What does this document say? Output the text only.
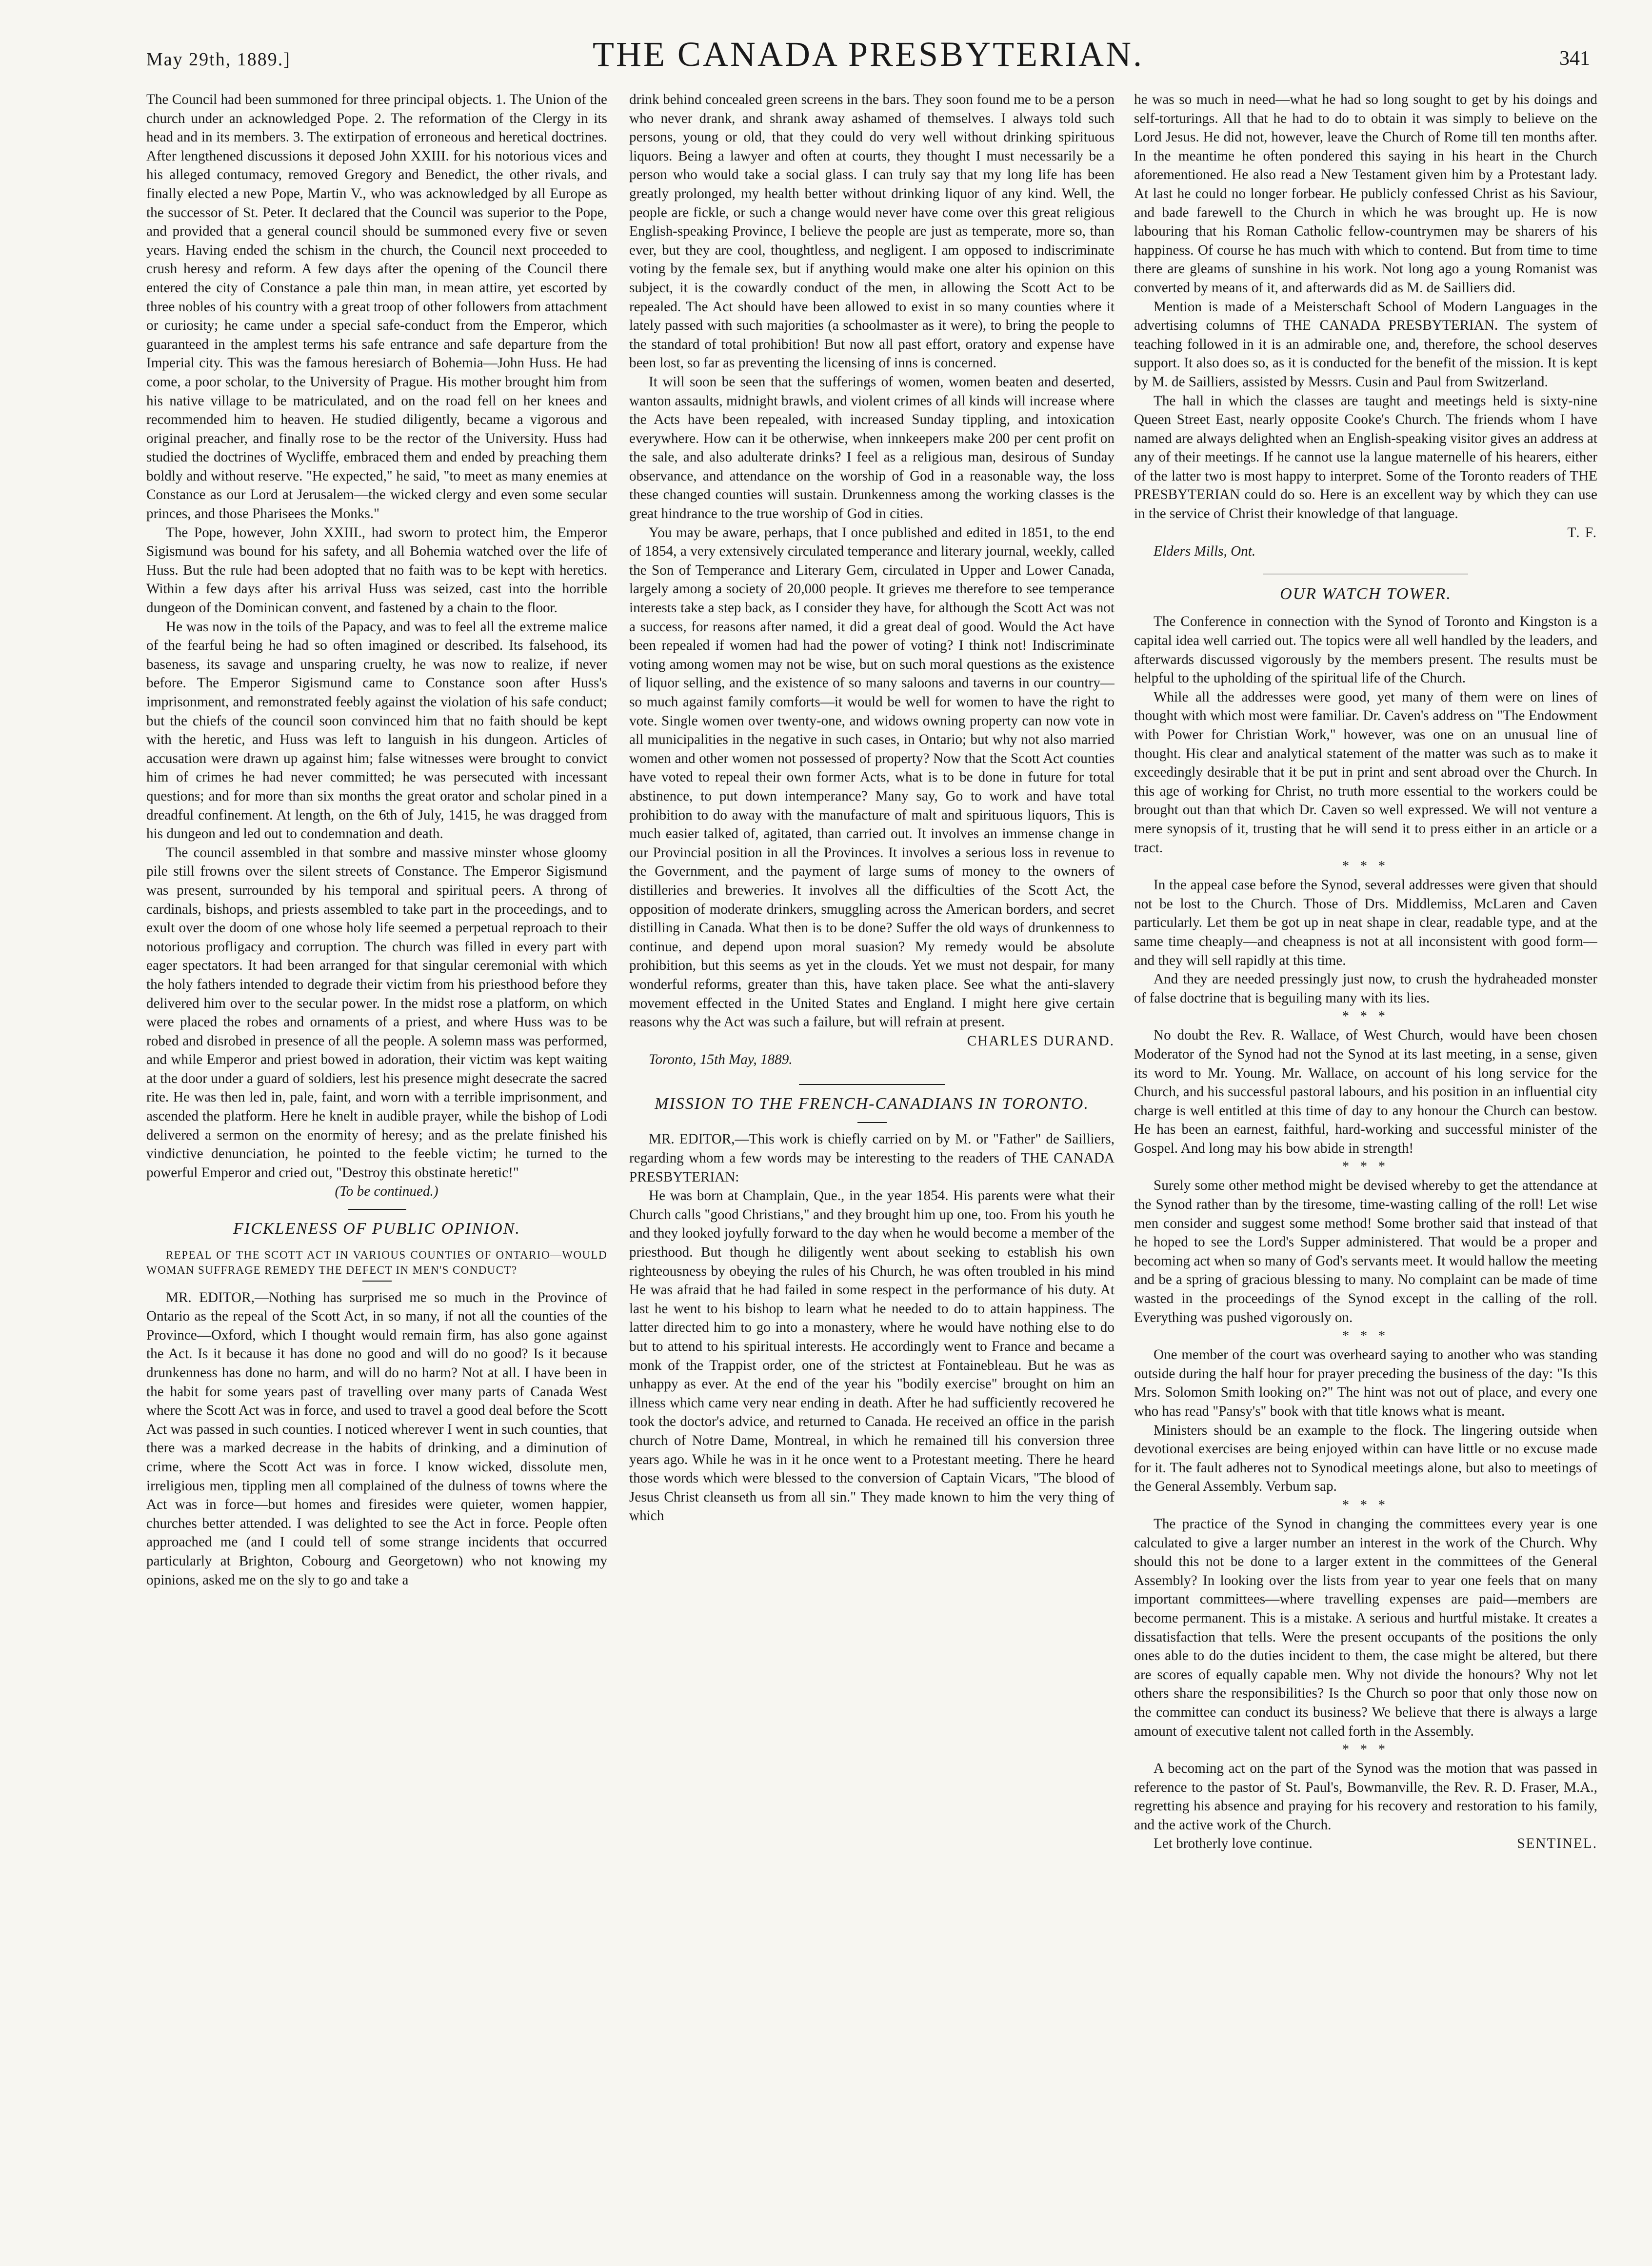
May 29th, 1889.]	THE CANADA PRESBYTERIAN.	341

The Council had been summoned for three principal objects. 1. The Union of the church under an acknowledged Pope. 2. The reformation of the Clergy in its head and in its members. 3. The extirpation of erroneous and heretical doctrines. After lengthened discussions it deposed John XXIII. for his notorious vices and his alleged contumacy, removed Gregory and Benedict, the other rivals, and finally elected a new Pope, Martin V., who was acknowledged by all Europe as the successor of St. Peter. It declared that the Council was superior to the Pope, and provided that a general council should be summoned every five or seven years. Having ended the schism in the church, the Council next proceeded to crush heresy and reform. A few days after the opening of the Council there entered the city of Constance a pale thin man, in mean attire, yet escorted by three nobles of his country with a great troop of other followers from attachment or curiosity; he came under a special safe-conduct from the Emperor, which guaranteed in the amplest terms his safe entrance and safe departure from the Imperial city. This was the famous heresiarch of Bohemia—John Huss. He had come, a poor scholar, to the University of Prague. His mother brought him from his native village to be matriculated, and on the road fell on her knees and recommended him to heaven. He studied diligently, became a vigorous and original preacher, and finally rose to be the rector of the University. Huss had studied the doctrines of Wycliffe, embraced them and ended by preaching them boldly and without reserve. "He expected," he said, "to meet as many enemies at Constance as our Lord at Jerusalem—the wicked clergy and even some secular princes, and those Pharisees the Monks."

The Pope, however, John XXIII., had sworn to protect him, the Emperor Sigismund was bound for his safety, and all Bohemia watched over the life of Huss. But the rule had been adopted that no faith was to be kept with heretics. Within a few days after his arrival Huss was seized, cast into the horrible dungeon of the Dominican convent, and fastened by a chain to the floor.

He was now in the toils of the Papacy, and was to feel all the extreme malice of the fearful being he had so often imagined or described. Its falsehood, its baseness, its savage and unsparing cruelty, he was now to realize, if never before. The Emperor Sigismund came to Constance soon after Huss's imprisonment, and remonstrated feebly against the violation of his safe conduct; but the chiefs of the council soon convinced him that no faith should be kept with the heretic, and Huss was left to languish in his dungeon. Articles of accusation were drawn up against him; false witnesses were brought to convict him of crimes he had never committed; he was persecuted with incessant questions; and for more than six months the great orator and scholar pined in a dreadful confinement. At length, on the 6th of July, 1415, he was dragged from his dungeon and led out to condemnation and death.

The council assembled in that sombre and massive minster whose gloomy pile still frowns over the silent streets of Constance. The Emperor Sigismund was present, surrounded by his temporal and spiritual peers. A throng of cardinals, bishops, and priests assembled to take part in the proceedings, and to exult over the doom of one whose holy life seemed a perpetual reproach to their notorious profligacy and corruption. The church was filled in every part with eager spectators. It had been arranged for that singular ceremonial with which the holy fathers intended to degrade their victim from his priesthood before they delivered him over to the secular power. In the midst rose a platform, on which were placed the robes and ornaments of a priest, and where Huss was to be robed and disrobed in presence of all the people. A solemn mass was performed, and while Emperor and priest bowed in adoration, their victim was kept waiting at the door under a guard of soldiers, lest his presence might desecrate the sacred rite. He was then led in, pale, faint, and worn with a terrible imprisonment, and ascended the platform. Here he knelt in audible prayer, while the bishop of Lodi delivered a sermon on the enormity of heresy; and as the prelate finished his vindictive denunciation, he pointed to the feeble victim; he turned to the powerful Emperor and cried out, "Destroy this obstinate heretic!"

(To be continued.)

FICKLENESS OF PUBLIC OPINION.

REPEAL OF THE SCOTT ACT IN VARIOUS COUNTIES OF ONTARIO—WOULD WOMAN SUFFRAGE REMEDY THE DEFECT IN MEN'S CONDUCT?

MR. EDITOR,—Nothing has surprised me so much in the Province of Ontario as the repeal of the Scott Act, in so many, if not all the counties of the Province—Oxford, which I thought would remain firm, has also gone against the Act. Is it because it has done no good and will do no good? Is it because drunkenness has done no harm, and will do no harm? Not at all. I have been in the habit for some years past of travelling over many parts of Canada West where the Scott Act was in force, and used to travel a good deal before the Scott Act was passed in such counties. I noticed wherever I went in such counties, that there was a marked decrease in the habits of drinking, and a diminution of crime, where the Scott Act was in force. I know wicked, dissolute men, irreligious men, tippling men all complained of the dulness of towns where the Act was in force—but homes and firesides were quieter, women happier, churches better attended. I was delighted to see the Act in force. People often approached me (and I could tell of some strange incidents that occurred particularly at Brighton, Cobourg and Georgetown) who not knowing my opinions, asked me on the sly to go and take a

drink behind concealed green screens in the bars. They soon found me to be a person who never drank, and shrank away ashamed of themselves. I always told such persons, young or old, that they could do very well without drinking spirituous liquors. Being a lawyer and often at courts, they thought I must necessarily be a person who would take a social glass. I can truly say that my long life has been greatly prolonged, my health better without drinking liquor of any kind. Well, the people are fickle, or such a change would never have come over this great religious English-speaking Province, I believe the people are just as temperate, more so, than ever, but they are cool, thoughtless, and negligent. I am opposed to indiscriminate voting by the female sex, but if anything would make one alter his opinion on this subject, it is the cowardly conduct of the men, in allowing the Scott Act to be repealed. The Act should have been allowed to exist in so many counties where it lately passed with such majorities (a schoolmaster as it were), to bring the people to the standard of total prohibition! But now all past effort, oratory and expense have been lost, so far as preventing the licensing of inns is concerned.

It will soon be seen that the sufferings of women, women beaten and deserted, wanton assaults, midnight brawls, and violent crimes of all kinds will increase where the Acts have been repealed, with increased Sunday tippling, and intoxication everywhere. How can it be otherwise, when innkeepers make 200 per cent profit on the sale, and also adulterate drinks? I feel as a religious man, desirous of Sunday observance, and attendance on the worship of God in a reasonable way, the loss these changed counties will sustain. Drunkenness among the working classes is the great hindrance to the true worship of God in cities.

You may be aware, perhaps, that I once published and edited in 1851, to the end of 1854, a very extensively circulated temperance and literary journal, weekly, called the Son of Temperance and Literary Gem, circulated in Upper and Lower Canada, largely among a society of 20,000 people. It grieves me therefore to see temperance interests take a step back, as I consider they have, for although the Scott Act was not a success, for reasons after named, it did a great deal of good. Would the Act have been repealed if women had had the power of voting? I think not! Indiscriminate voting among women may not be wise, but on such moral questions as the existence of liquor selling, and the existence of so many saloons and taverns in our country—so much against family comforts—it would be well for women to have the right to vote. Single women over twenty-one, and widows owning property can now vote in all municipalities in the negative in such cases, in Ontario; but why not also married women and other women not possessed of property? Now that the Scott Act counties have voted to repeal their own former Acts, what is to be done in future for total abstinence, to put down intemperance? Many say, Go to work and have total prohibition to do away with the manufacture of malt and spirituous liquors, This is much easier talked of, agitated, than carried out. It involves an immense change in our Provincial position in all the Provinces. It involves a serious loss in revenue to the Government, and the payment of large sums of money to the owners of distilleries and breweries. It involves all the difficulties of the Scott Act, the opposition of moderate drinkers, smuggling across the American borders, and secret distilling in Canada. What then is to be done? Suffer the old ways of drunkenness to continue, and depend upon moral suasion? My remedy would be absolute prohibition, but this seems as yet in the clouds. Yet we must not despair, for many wonderful reforms, greater than this, have taken place. See what the anti-slavery movement effected in the United States and England. I might here give certain reasons why the Act was such a failure, but will refrain at present.

CHARLES DURAND.

Toronto, 15th May, 1889.

MISSION TO THE FRENCH-CANADIANS IN TORONTO.

MR. EDITOR,—This work is chiefly carried on by M. or "Father" de Sailliers, regarding whom a few words may be interesting to the readers of THE CANADA PRESBYTERIAN:

He was born at Champlain, Que., in the year 1854. His parents were what their Church calls "good Christians," and they brought him up one, too. From his youth he and they looked joyfully forward to the day when he would become a member of the priesthood. But though he diligently went about seeking to establish his own righteousness by obeying the rules of his Church, he was often troubled in his mind He was afraid that he had failed in some respect in the performance of his duty. At last he went to his bishop to learn what he needed to do to attain happiness. The latter directed him to go into a monastery, where he would have nothing else to do but to attend to his spiritual interests. He accordingly went to France and became a monk of the Trappist order, one of the strictest at Fontainebleau. But he was as unhappy as ever. At the end of the year his "bodily exercise" brought on him an illness which came very near ending in death. After he had sufficiently recovered he took the doctor's advice, and returned to Canada. He received an office in the parish church of Notre Dame, Montreal, in which he remained till his conversion three years ago. While he was in it he once went to a Protestant meeting. There he heard those words which were blessed to the conversion of Captain Vicars, "The blood of Jesus Christ cleanseth us from all sin." They made known to him the very thing of which

he was so much in need—what he had so long sought to get by his doings and self-torturings. All that he had to do to obtain it was simply to believe on the Lord Jesus. He did not, however, leave the Church of Rome till ten months after. In the meantime he often pondered this saying in his heart in the Church aforementioned. He also read a New Testament given him by a Protestant lady. At last he could no longer forbear. He publicly confessed Christ as his Saviour, and bade farewell to the Church in which he was brought up. He is now labouring that his Roman Catholic fellow-countrymen may be sharers of his happiness. Of course he has much with which to contend. But from time to time there are gleams of sunshine in his work. Not long ago a young Romanist was converted by means of it, and afterwards did as M. de Sailliers did.

Mention is made of a Meisterschaft School of Modern Languages in the advertising columns of THE CANADA PRESBYTERIAN. The system of teaching followed in it is an admirable one, and, therefore, the school deserves support. It also does so, as it is conducted for the benefit of the mission. It is kept by M. de Sailliers, assisted by Messrs. Cusin and Paul from Switzerland.

The hall in which the classes are taught and meetings held is sixty-nine Queen Street East, nearly opposite Cooke's Church. The friends whom I have named are always delighted when an English-speaking visitor gives an address at any of their meetings. If he cannot use la langue maternelle of his hearers, either of the latter two is most happy to interpret. Some of the Toronto readers of THE PRESBYTERIAN could do so. Here is an excellent way by which they can use in the service of Christ their knowledge of that language.

T. F.

Elders Mills, Ont.

OUR WATCH TOWER.

The Conference in connection with the Synod of Toronto and Kingston is a capital idea well carried out. The topics were all well handled by the leaders, and afterwards discussed vigorously by the members present. The results must be helpful to the upholding of the spiritual life of the Church.

While all the addresses were good, yet many of them were on lines of thought with which most were familiar. Dr. Caven's address on "The Endowment with Power for Christian Work," however, was one on an unusual line of thought. His clear and analytical statement of the matter was such as to make it exceedingly desirable that it be put in print and sent abroad over the Church. In this age of working for Christ, no truth more essential to the workers could be brought out than that which Dr. Caven so well expressed. We will not venture a mere synopsis of it, trusting that he will send it to press either in an article or a tract.

* * *

In the appeal case before the Synod, several addresses were given that should not be lost to the Church. Those of Drs. Middlemiss, McLaren and Caven particularly. Let them be got up in neat shape in clear, readable type, and at the same time cheaply—and cheapness is not at all inconsistent with good form—and they will sell rapidly at this time.

And they are needed pressingly just now, to crush the hydraheaded monster of false doctrine that is beguiling many with its lies.

* * *

No doubt the Rev. R. Wallace, of West Church, would have been chosen Moderator of the Synod had not the Synod at its last meeting, in a sense, given its word to Mr. Young. Mr. Wallace, on account of his long service for the Church, and his successful pastoral labours, and his position in an influential city charge is well entitled at this time of day to any honour the Church can bestow. He has been an earnest, faithful, hard-working and successful minister of the Gospel. And long may his bow abide in strength!

* * *

Surely some other method might be devised whereby to get the attendance at the Synod rather than by the tiresome, time-wasting calling of the roll! Let wise men consider and suggest some method! Some brother said that instead of that he hoped to see the Lord's Supper administered. That would be a proper and becoming act when so many of God's servants meet. It would hallow the meeting and be a spring of gracious blessing to many. No complaint can be made of time wasted in the proceedings of the Synod except in the calling of the roll. Everything was pushed vigorously on.

* * *

One member of the court was overheard saying to another who was standing outside during the half hour for prayer preceding the business of the day: "Is this Mrs. Solomon Smith looking on?" The hint was not out of place, and every one who has read "Pansy's" book with that title knows what is meant.

Ministers should be an example to the flock. The lingering outside when devotional exercises are being enjoyed within can have little or no excuse made for it. The fault adheres not to Synodical meetings alone, but also to meetings of the General Assembly. Verbum sap.

* * *

The practice of the Synod in changing the committees every year is one calculated to give a larger number an interest in the work of the Church. Why should this not be done to a larger extent in the committees of the General Assembly? In looking over the lists from year to year one feels that on many important committees—where travelling expenses are paid—members are become permanent. This is a mistake. A serious and hurtful mistake. It creates a dissatisfaction that tells. Were the present occupants of the positions the only ones able to do the duties incident to them, the case might be altered, but there are scores of equally capable men. Why not divide the honours? Why not let others share the responsibilities? Is the Church so poor that only those now on the committee can conduct its business? We believe that there is always a large amount of executive talent not called forth in the Assembly.

* * *

A becoming act on the part of the Synod was the motion that was passed in reference to the pastor of St. Paul's, Bowmanville, the Rev. R. D. Fraser, M.A., regretting his absence and praying for his recovery and restoration to his family, and the active work of the Church.

Let brotherly love continue.	SENTINEL.
